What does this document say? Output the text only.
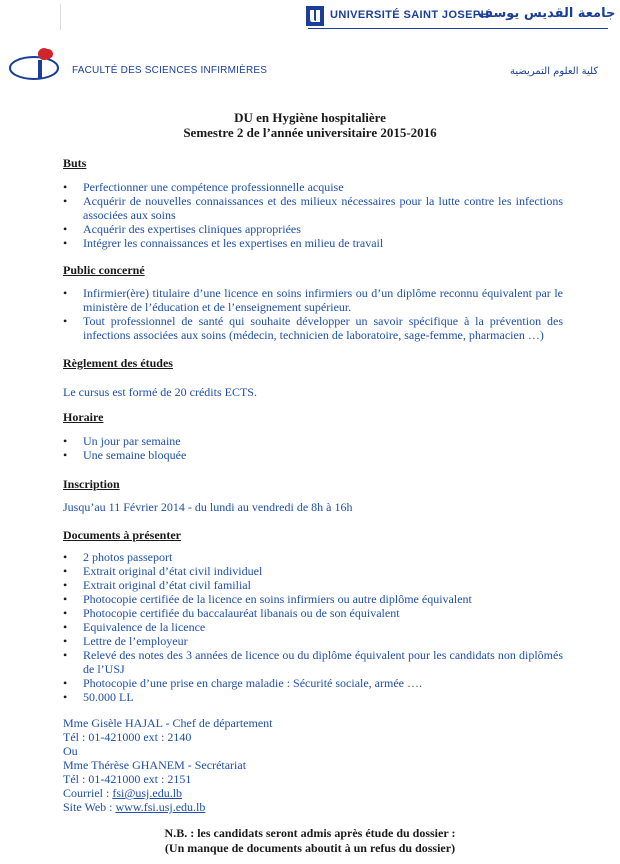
UNIVERSITÉ SAINT JOSEPH
جامعة القديس يوسف
FACULTÉ DES SCIENCES INFIRMIÈRES	كلية العلوم التمريضية
DU en Hygiène hospitalière
Semestre 2 de l’année universitaire 2015-2016
Buts
• Perfectionner une compétence professionnelle acquise
• Acquérir de nouvelles connaissances et des milieux nécessaires pour la lutte contre les infections associées aux soins
• Acquérir des expertises cliniques appropriées
• Intégrer les connaissances et les expertises en milieu de travail
Public concerné
• Infirmier(ère) titulaire d’une licence en soins infirmiers ou d’un diplôme reconnu équivalent par le ministère de l’éducation et de l’enseignement supérieur.
• Tout professionnel de santé qui souhaite développer un savoir spécifique à la prévention des infections associées aux soins (médecin, technicien de laboratoire, sage-femme, pharmacien …)
Règlement des études
Le cursus est formé de 20 crédits ECTS.
Horaire
• Un jour par semaine
• Une semaine bloquée
Inscription
Jusqu’au 11 Février 2014 - du lundi au vendredi de 8h à 16h
Documents à présenter
• 2 photos passeport
• Extrait original d’état civil individuel
• Extrait original d’état civil familial
• Photocopie certifiée de la licence en soins infirmiers ou autre diplôme équivalent
• Photocopie certifiée du baccalauréat libanais ou de son équivalent
• Equivalence de la licence
• Lettre de l’employeur
• Relevé des notes des 3 années de licence ou du diplôme équivalent pour les candidats non diplômés de l’USJ
• Photocopie d’une prise en charge maladie : Sécurité sociale, armée ….
• 50.000 LL
Mme Gisèle HAJAL - Chef de département
Tél : 01-421000 ext : 2140
Ou
Mme Thérèse GHANEM - Secrétariat
Tél : 01-421000 ext : 2151
Courriel : fsi@usj.edu.lb
Site Web : www.fsi.usj.edu.lb
N.B. : les candidats seront admis après étude du dossier :
(Un manque de documents aboutit à un refus du dossier)
